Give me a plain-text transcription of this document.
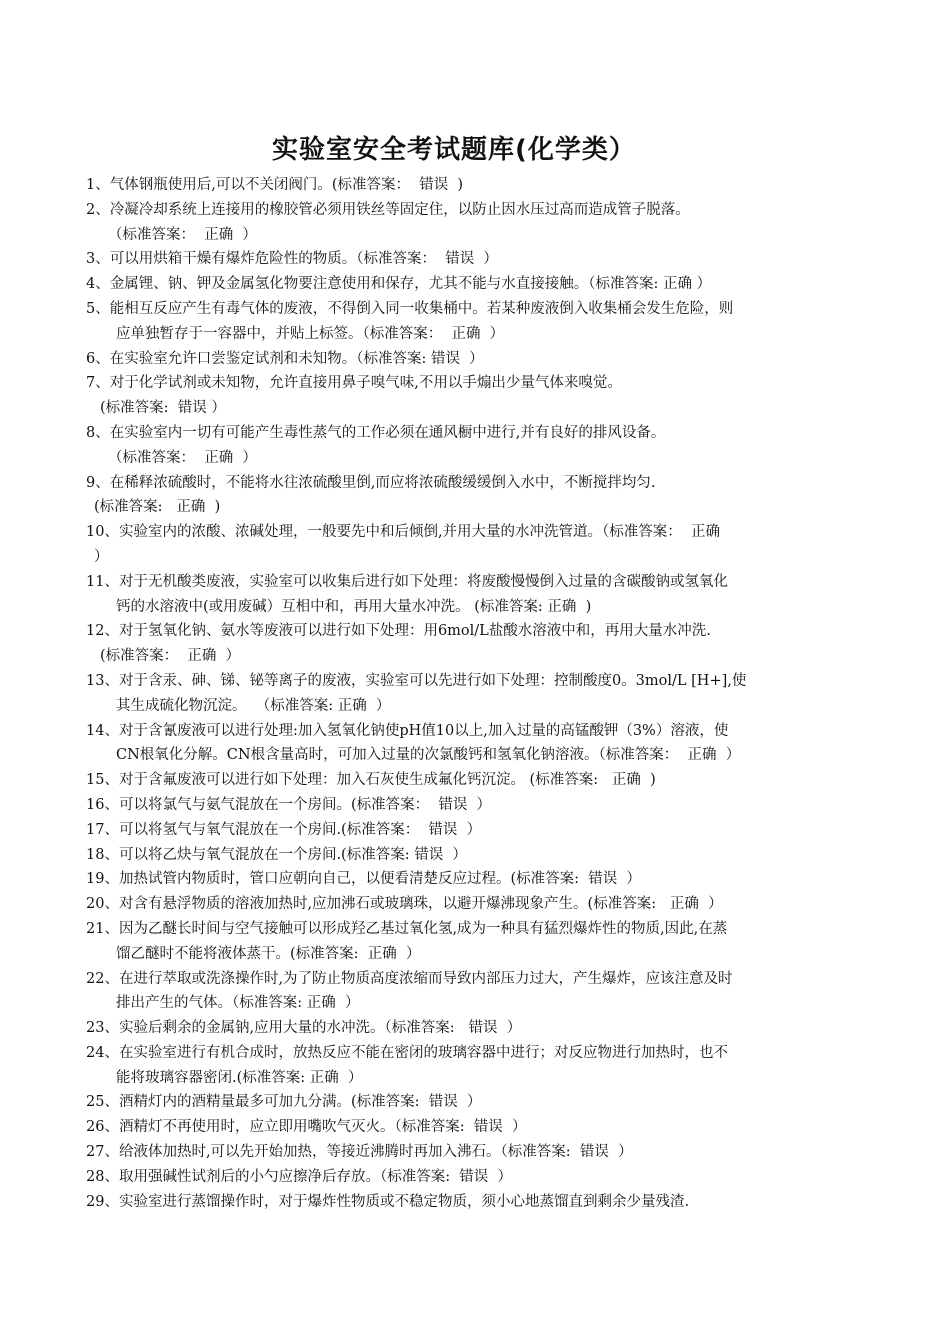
实验室安全考试题库(化学类）
1、气体钢瓶使用后,可以不关闭阀门。(标准答案：  错误  )
2、冷凝冷却系统上连接用的橡胶管必须用铁丝等固定住，以防止因水压过高而造成管子脱落。
（标准答案：  正确  ）
3、可以用烘箱干燥有爆炸危险性的物质。（标准答案：  错误  ）
4、金属锂、钠、钾及金属氢化物要注意使用和保存，尤其不能与水直接接触。（标准答案: 正确 ）
5、能相互反应产生有毒气体的废液，不得倒入同一收集桶中。若某种废液倒入收集桶会发生危险，则
应单独暂存于一容器中，并贴上标签。（标准答案：  正确  ）
6、在实验室允许口尝鉴定试剂和未知物。（标准答案: 错误  ）
7、对于化学试剂或未知物，允许直接用鼻子嗅气味,不用以手煽出少量气体来嗅觉。
(标准答案:  错误 ）
8、在实验室内一切有可能产生毒性蒸气的工作必须在通风橱中进行,并有良好的排风设备。
（标准答案：  正确  ）
9、在稀释浓硫酸时，不能将水往浓硫酸里倒,而应将浓硫酸缓缓倒入水中，不断搅拌均匀.
(标准答案:   正确  )
10、实验室内的浓酸、浓碱处理，一般要先中和后倾倒,并用大量的水冲洗管道。（标准答案：  正确
）
11、对于无机酸类废液，实验室可以收集后进行如下处理：将废酸慢慢倒入过量的含碳酸钠或氢氧化
钙的水溶液中(或用废碱）互相中和，再用大量水冲洗。 (标准答案: 正确  )
12、对于氢氧化钠、氨水等废液可以进行如下处理：用6mol/L盐酸水溶液中和，再用大量水冲洗.
(标准答案：  正确  ）
13、对于含汞、砷、锑、铋等离子的废液，实验室可以先进行如下处理：控制酸度0。3mol/L [H+],使
其生成硫化物沉淀。  （标准答案: 正确  ）
14、对于含氰废液可以进行处理:加入氢氧化钠使pH值10以上,加入过量的高锰酸钾（3%）溶液，使
CN根氧化分解。CN根含量高时，可加入过量的次氯酸钙和氢氧化钠溶液。（标准答案：  正确  ）
15、对于含氟废液可以进行如下处理：加入石灰使生成氟化钙沉淀。 (标准答案:   正确  )
16、可以将氯气与氨气混放在一个房间。(标准答案：  错误  ）
17、可以将氢气与氧气混放在一个房间.(标准答案：  错误  ）
18、可以将乙炔与氧气混放在一个房间.(标准答案: 错误  ）
19、加热试管内物质时，管口应朝向自己，以便看清楚反应过程。(标准答案:  错误  ）
20、对含有悬浮物质的溶液加热时,应加沸石或玻璃珠，以避开爆沸现象产生。(标准答案:   正确  ）
21、因为乙醚长时间与空气接触可以形成羟乙基过氧化氢,成为一种具有猛烈爆炸性的物质,因此,在蒸
馏乙醚时不能将液体蒸干。(标准答案:  正确  ）
22、在进行萃取或洗涤操作时,为了防止物质高度浓缩而导致内部压力过大，产生爆炸，应该注意及时
排出产生的气体。（标准答案: 正确  ）
23、实验后剩余的金属钠,应用大量的水冲洗。（标准答案:   错误  ）
24、在实验室进行有机合成时，放热反应不能在密闭的玻璃容器中进行；对反应物进行加热时，也不
能将玻璃容器密闭.(标准答案: 正确  ）
25、酒精灯内的酒精量最多可加九分满。(标准答案:  错误  ）
26、酒精灯不再使用时，应立即用嘴吹气灭火。（标准答案:  错误  ）
27、给液体加热时,可以先开始加热，等接近沸腾时再加入沸石。（标准答案:  错误  ）
28、取用强碱性试剂后的小勺应擦净后存放。（标准答案:  错误  ）
29、实验室进行蒸馏操作时，对于爆炸性物质或不稳定物质，须小心地蒸馏直到剩余少量残渣.
